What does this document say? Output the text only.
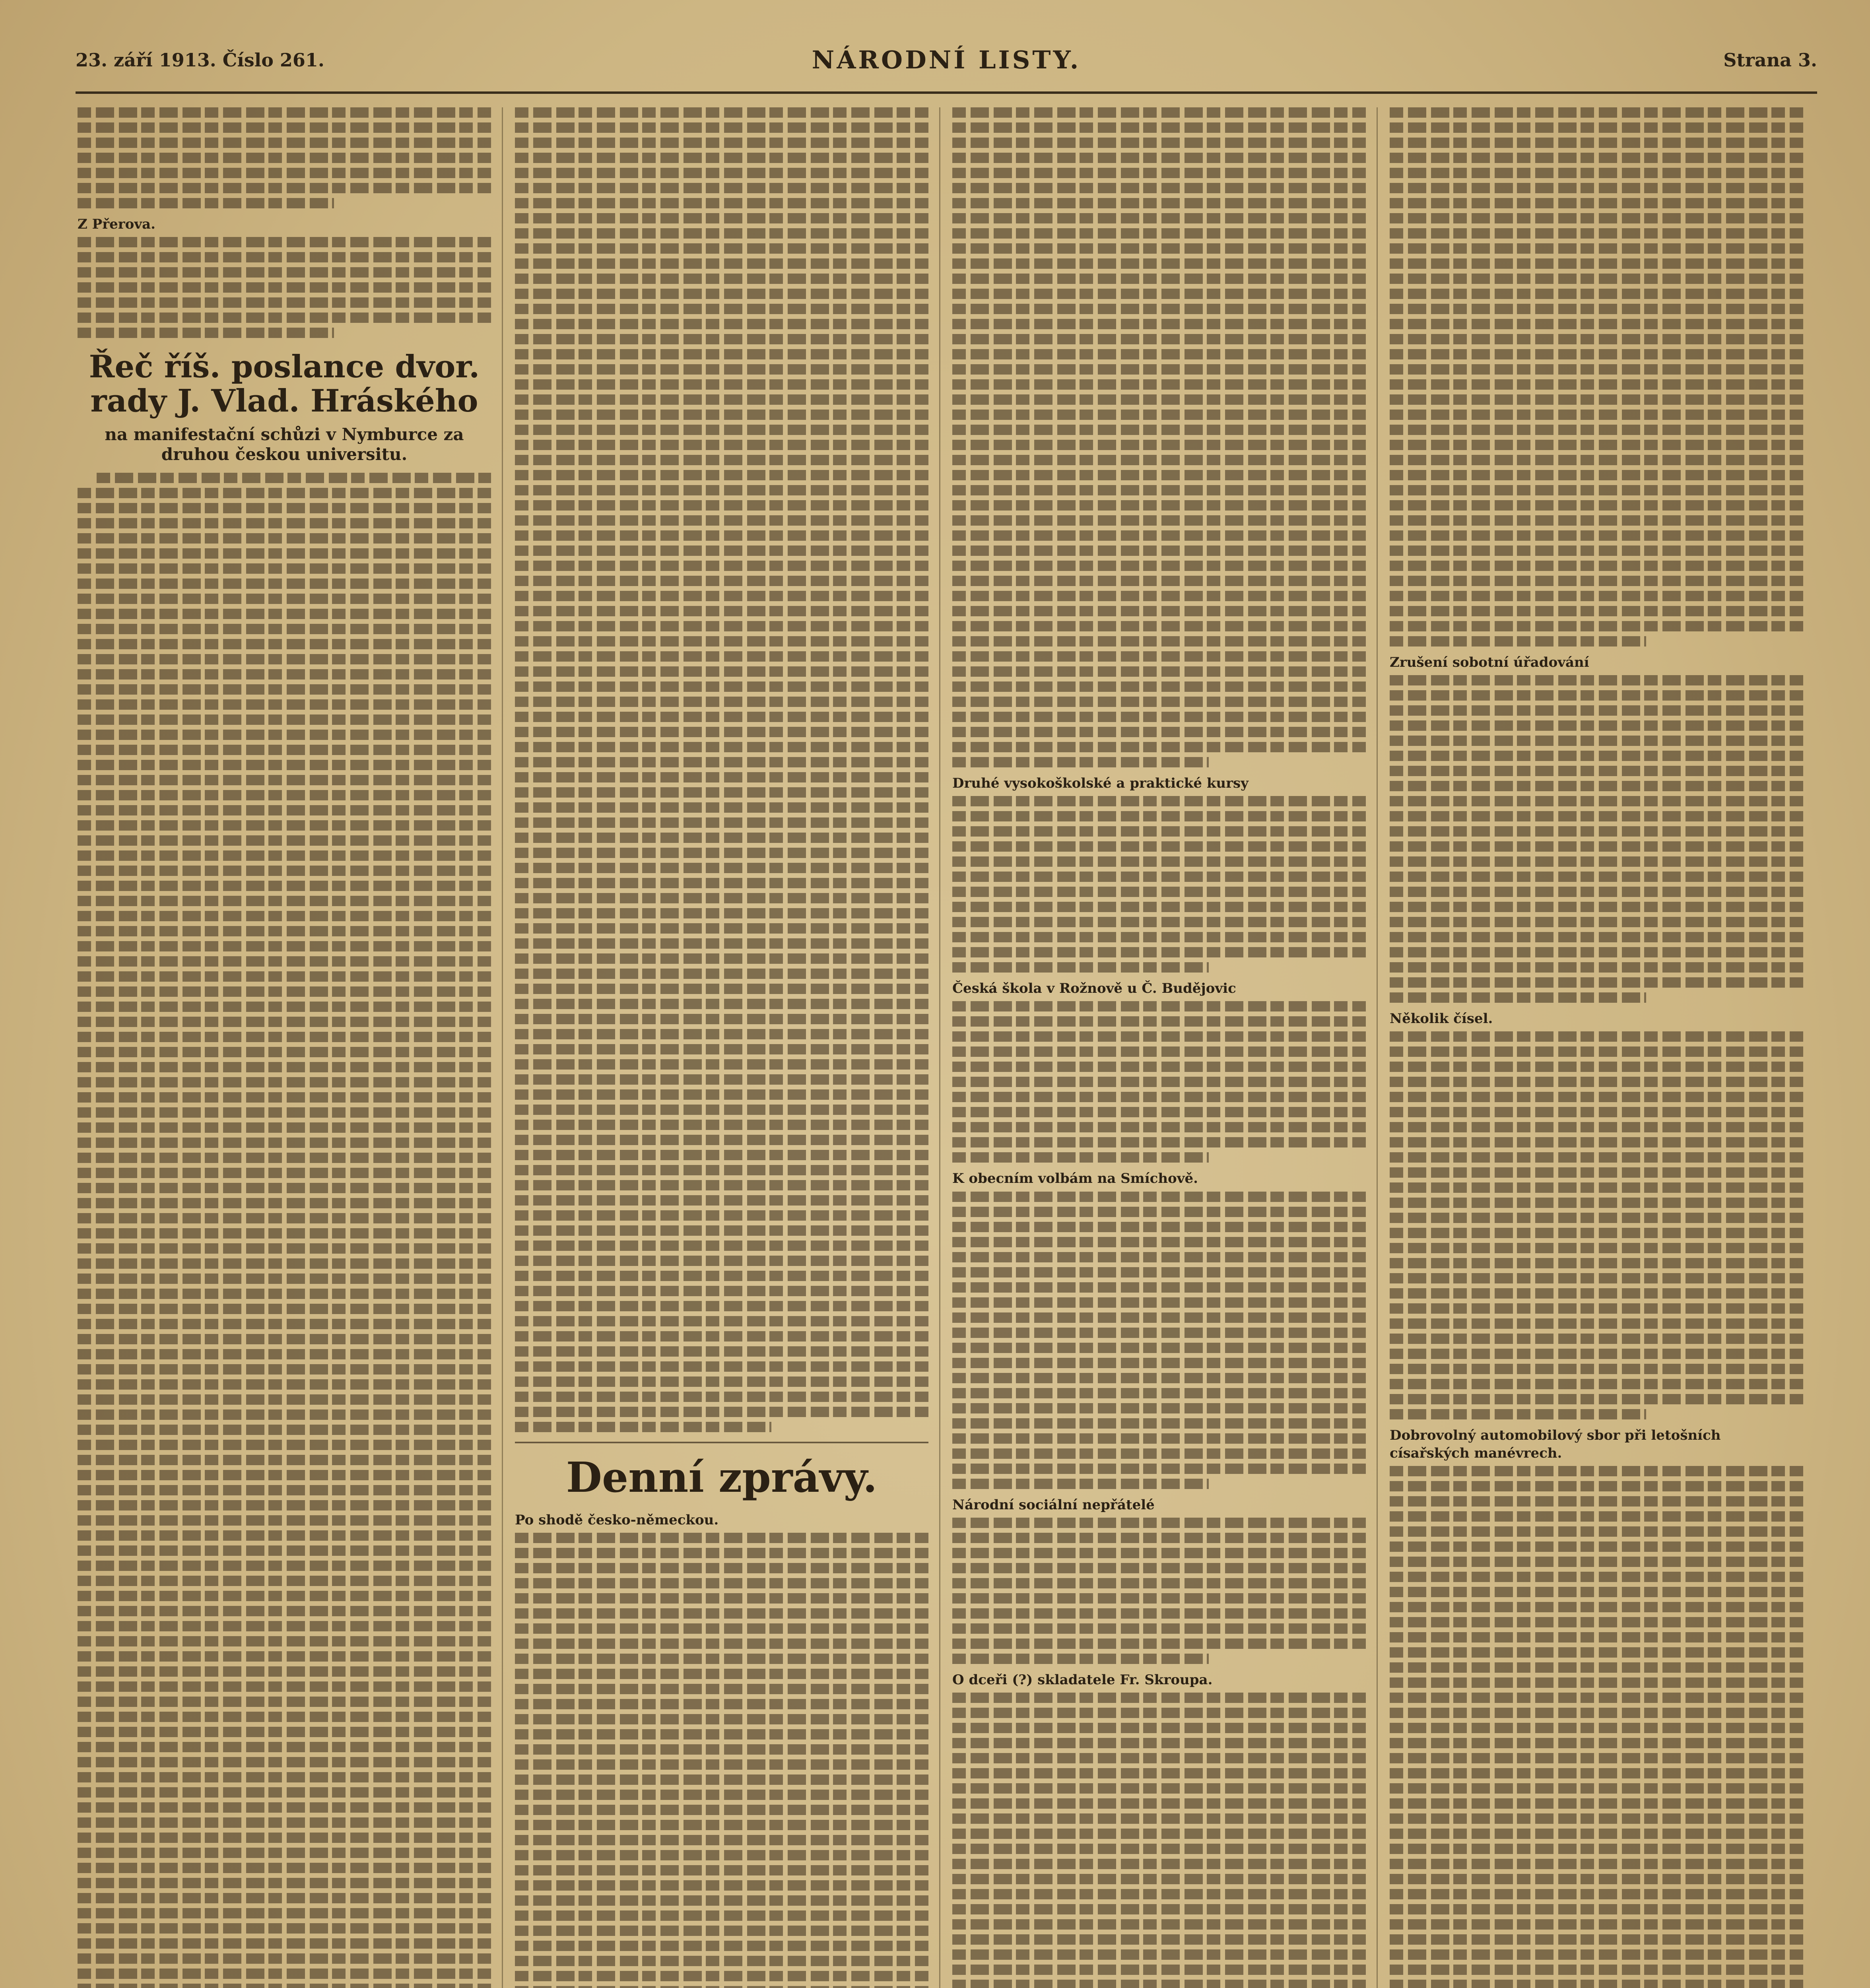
23. září 1913. Číslo 261.	NÁRODNÍ LISTY.	Strana 3.
Z Přerova.
Řeč říš. poslance dvor. rady J. Vlad. Hráského
na manifestační schůzi v Nymburce za druhou českou universitu.
Denní zprávy.
Po shodě česko-německou.
Druhé vysokoškolské a praktické kursy
Česká škola v Rožnově u Č. Budějovic
K obecním volbám na Smíchově.
Národní sociální nepřátelé
O dceři (?) skladatele Fr. Skroupa.
Zrušení sobotní úřadování
Několik čísel.
Dobrovolný automobilový sbor při letošních císařských manévrech.
